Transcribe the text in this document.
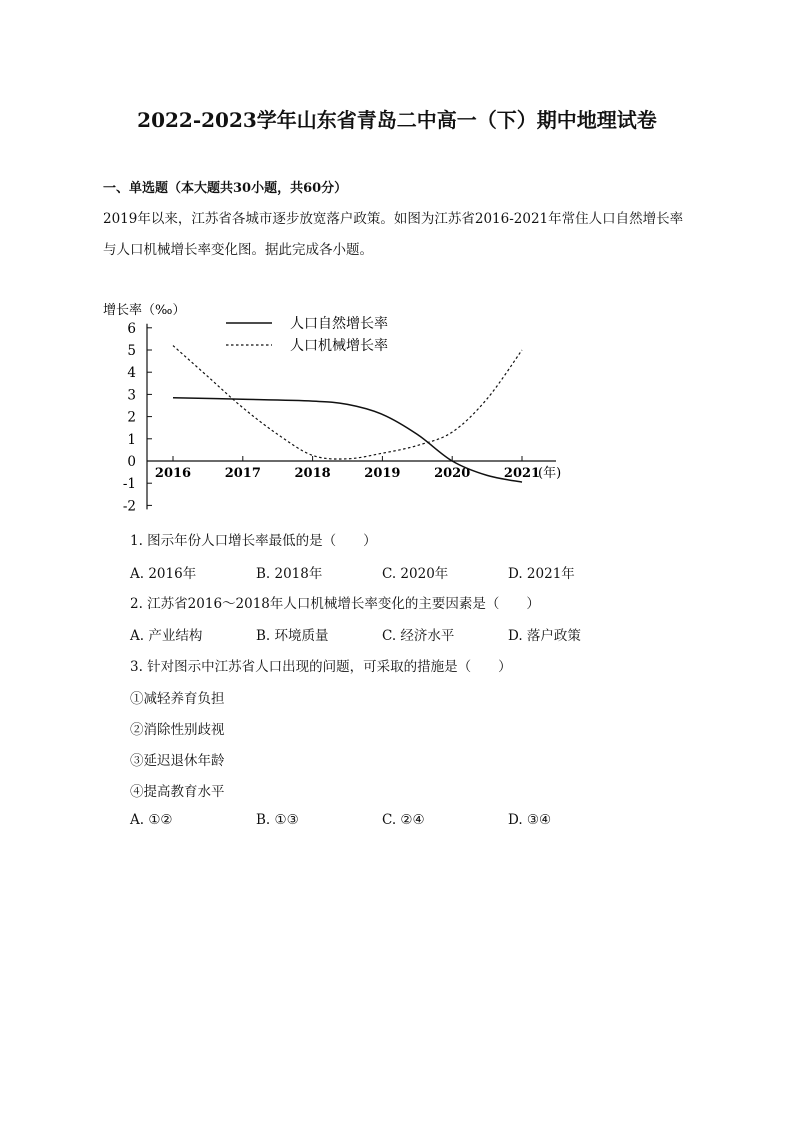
2022-2023学年山东省青岛二中高一（下）期中地理试卷
一、单选题（本大题共30小题，共60分）
2019年以来，江苏省各城市逐步放宽落户政策。如图为江苏省2016-2021年常住人口自然增长率
与人口机械增长率变化图。据此完成各小题。
增长率（‰）
6
5
4
3
2
1
0
-1
-2
2016	2017	2018	2019	2020	2021
(年)
人口自然增长率
人口机械增长率
1. 图示年份人口增长率最低的是（　　）
A. 2016年	B. 2018年	C. 2020年	D. 2021年
2. 江苏省2016～2018年人口机械增长率变化的主要因素是（　　）
A. 产业结构	B. 环境质量	C. 经济水平	D. 落户政策
3. 针对图示中江苏省人口出现的问题，可采取的措施是（　　）
①减轻养育负担
②消除性别歧视
③延迟退休年龄
④提高教育水平
A. ①②	B. ①③	C. ②④	D. ③④
